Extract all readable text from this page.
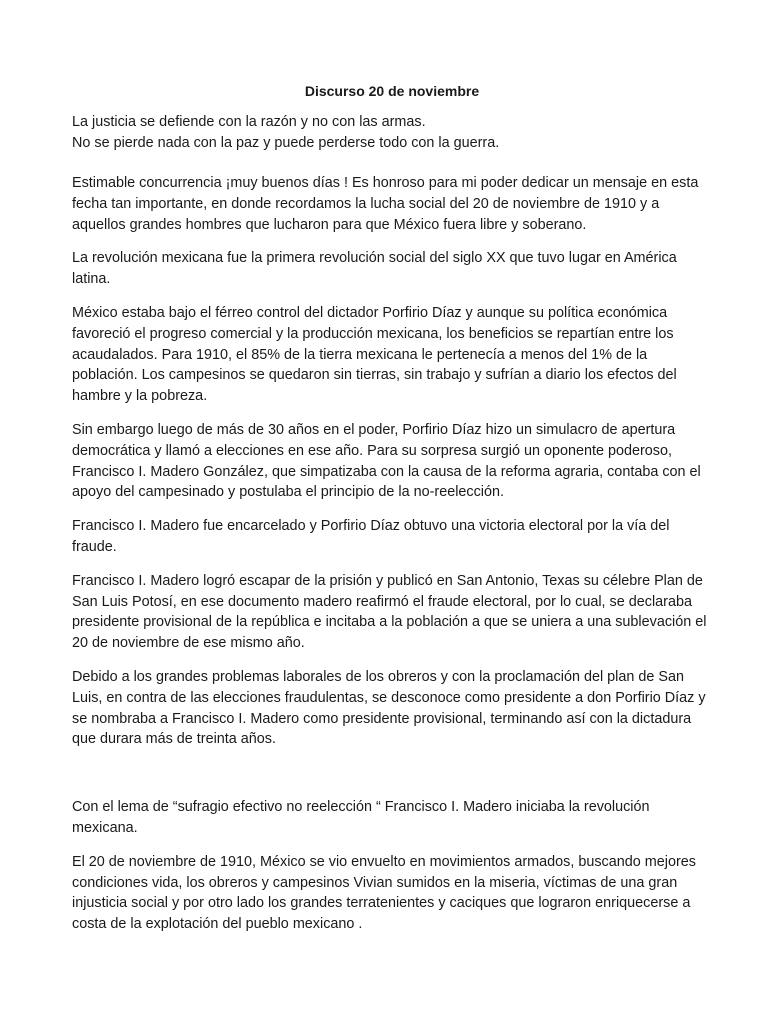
Discurso 20 de noviembre
La justicia se defiende con la razón y no con las armas.
No se pierde nada con la paz y puede perderse todo con la guerra.

Estimable concurrencia ¡muy buenos días ! Es honroso para mi poder dedicar un mensaje en esta fecha tan importante, en donde recordamos la lucha social del 20 de noviembre de 1910 y a aquellos grandes hombres que lucharon para que México fuera libre y soberano.

La revolución mexicana fue la primera revolución social del siglo XX que tuvo lugar en América latina.

México estaba bajo el férreo control del dictador Porfirio Díaz y aunque su política económica favoreció el progreso comercial y la producción mexicana, los beneficios se repartían entre los acaudalados. Para 1910, el 85% de la tierra mexicana le pertenecía a menos del 1% de la población. Los campesinos se quedaron sin tierras, sin trabajo y sufrían a diario los efectos del hambre y la pobreza.

Sin embargo luego de más de 30 años en el poder, Porfirio Díaz hizo un simulacro de apertura democrática y llamó a elecciones en ese año. Para su sorpresa surgió un oponente poderoso, Francisco I. Madero González, que simpatizaba con la causa de la reforma agraria, contaba con el apoyo del campesinado y postulaba el principio de la no-reelección.

Francisco I. Madero fue encarcelado y Porfirio Díaz obtuvo una victoria electoral por la vía del fraude.

Francisco I. Madero logró escapar de la prisión y publicó en San Antonio, Texas su célebre Plan de San Luis Potosí, en ese documento madero reafirmó el fraude electoral, por lo cual, se declaraba presidente provisional de la república e incitaba a la población a que se uniera a una sublevación el 20 de noviembre de ese mismo año.

Debido a los grandes problemas laborales de los obreros y con la proclamación del plan de San Luis, en contra de las elecciones fraudulentas, se desconoce como presidente a don Porfirio Díaz y se nombraba a Francisco I. Madero como presidente provisional, terminando así con la dictadura que durara más de treinta años.

Con el lema de “sufragio efectivo no reelección “ Francisco I. Madero iniciaba la revolución mexicana.

El 20 de noviembre de 1910, México se vio envuelto en movimientos armados, buscando mejores condiciones vida, los obreros y campesinos Vivian sumidos en la miseria, víctimas de una gran injusticia social y por otro lado los grandes terratenientes y caciques que lograron enriquecerse a costa de la explotación del pueblo mexicano .
